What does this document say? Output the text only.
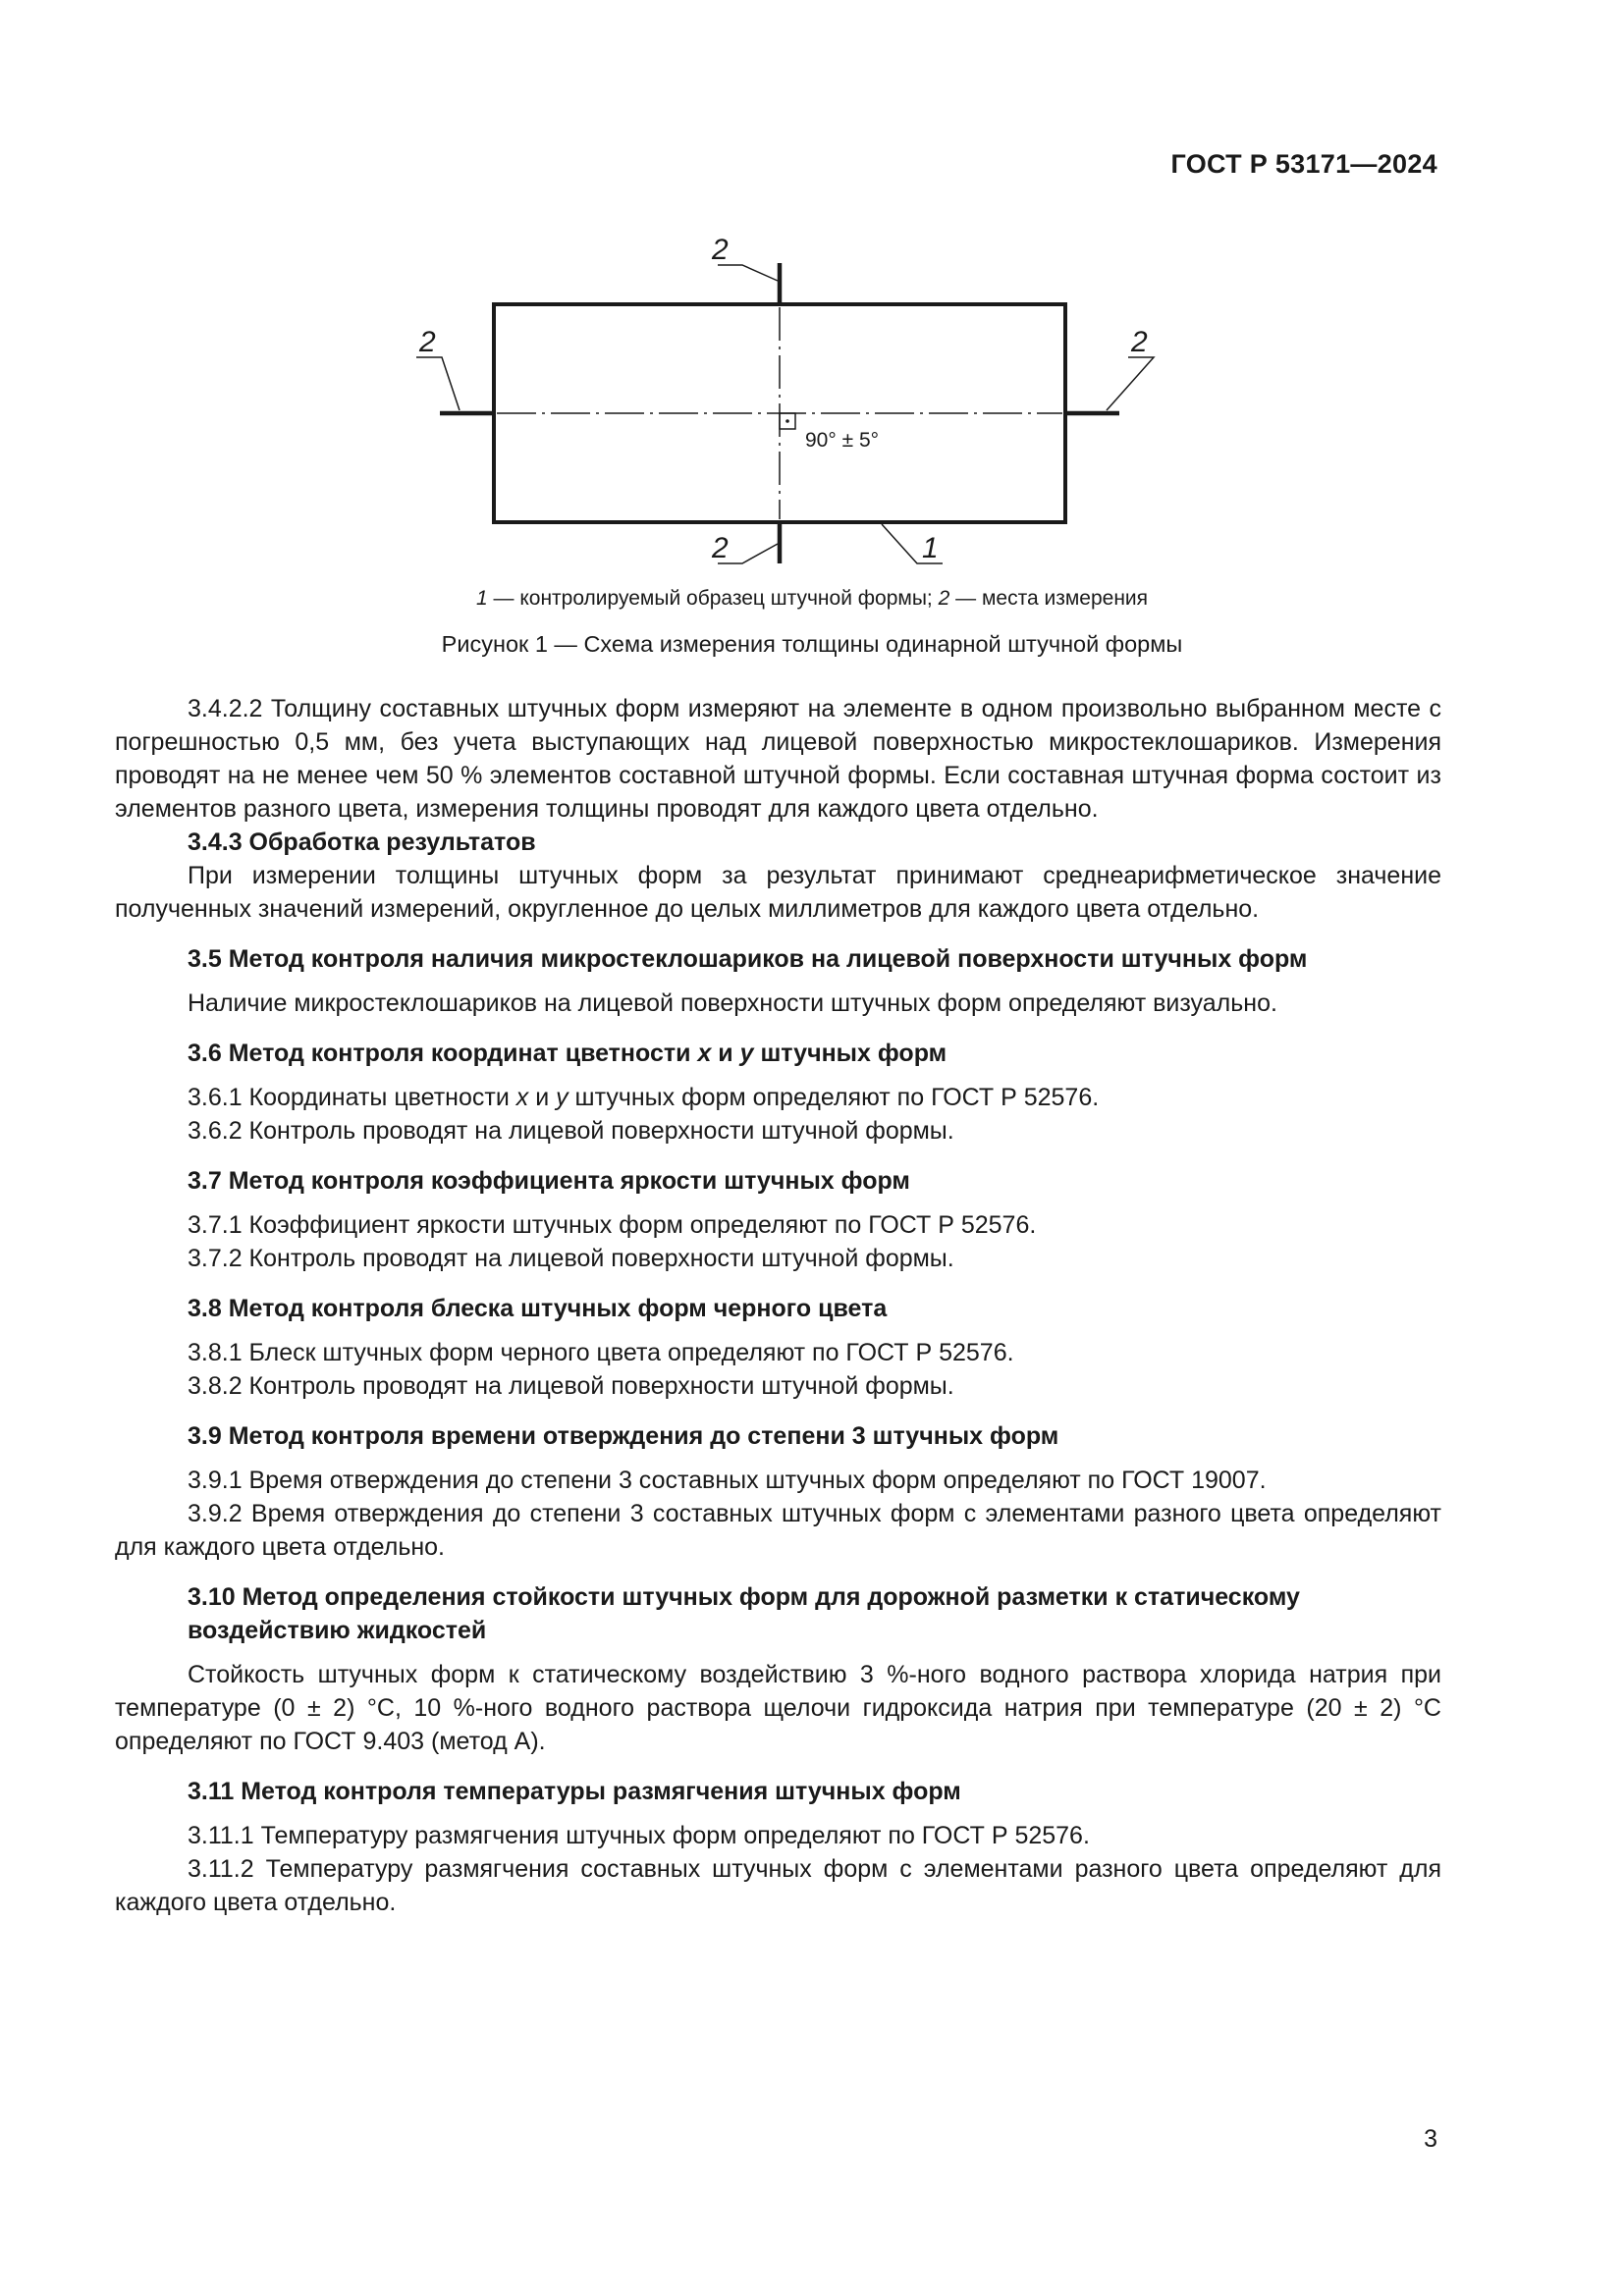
ГОСТ Р 53171—2024
2
2	2
2	1
90° ± 5°
1 — контролируемый образец штучной формы; 2 — места измерения
Рисунок 1 — Схема измерения толщины одинарной штучной формы

3.4.2.2 Толщину составных штучных форм измеряют на элементе в одном произвольно выбранном месте с погрешностью 0,5 мм, без учета выступающих над лицевой поверхностью микростеклошариков. Измерения проводят на не менее чем 50 % элементов составной штучной формы. Если составная штучная форма состоит из элементов разного цвета, измерения толщины проводят для каждого цвета отдельно.

3.4.3 Обработка результатов

При измерении толщины штучных форм за результат принимают среднеарифметическое значение полученных значений измерений, округленное до целых миллиметров для каждого цвета отдельно.

3.5 Метод контроля наличия микростеклошариков на лицевой поверхности штучных форм

Наличие микростеклошариков на лицевой поверхности штучных форм определяют визуально.

3.6 Метод контроля координат цветности x и y штучных форм

3.6.1 Координаты цветности x и y штучных форм определяют по ГОСТ Р 52576.

3.6.2 Контроль проводят на лицевой поверхности штучной формы.

3.7 Метод контроля коэффициента яркости штучных форм

3.7.1 Коэффициент яркости штучных форм определяют по ГОСТ Р 52576.

3.7.2 Контроль проводят на лицевой поверхности штучной формы.

3.8 Метод контроля блеска штучных форм черного цвета

3.8.1 Блеск штучных форм черного цвета определяют по ГОСТ Р 52576.

3.8.2 Контроль проводят на лицевой поверхности штучной формы.

3.9 Метод контроля времени отверждения до степени 3 штучных форм

3.9.1 Время отверждения до степени 3 составных штучных форм определяют по ГОСТ 19007.

3.9.2 Время отверждения до степени 3 составных штучных форм с элементами разного цвета определяют для каждого цвета отдельно.

3.10 Метод определения стойкости штучных форм для дорожной разметки к статическому воздействию жидкостей

Стойкость штучных форм к статическому воздействию 3 %-ного водного раствора хлорида натрия при температуре (0 ± 2) °С, 10 %-ного водного раствора щелочи гидроксида натрия при температуре (20 ± 2) °С определяют по ГОСТ 9.403 (метод А).

3.11 Метод контроля температуры размягчения штучных форм

3.11.1 Температуру размягчения штучных форм определяют по ГОСТ Р 52576.

3.11.2 Температуру размягчения составных штучных форм с элементами разного цвета определяют для каждого цвета отдельно.

3
